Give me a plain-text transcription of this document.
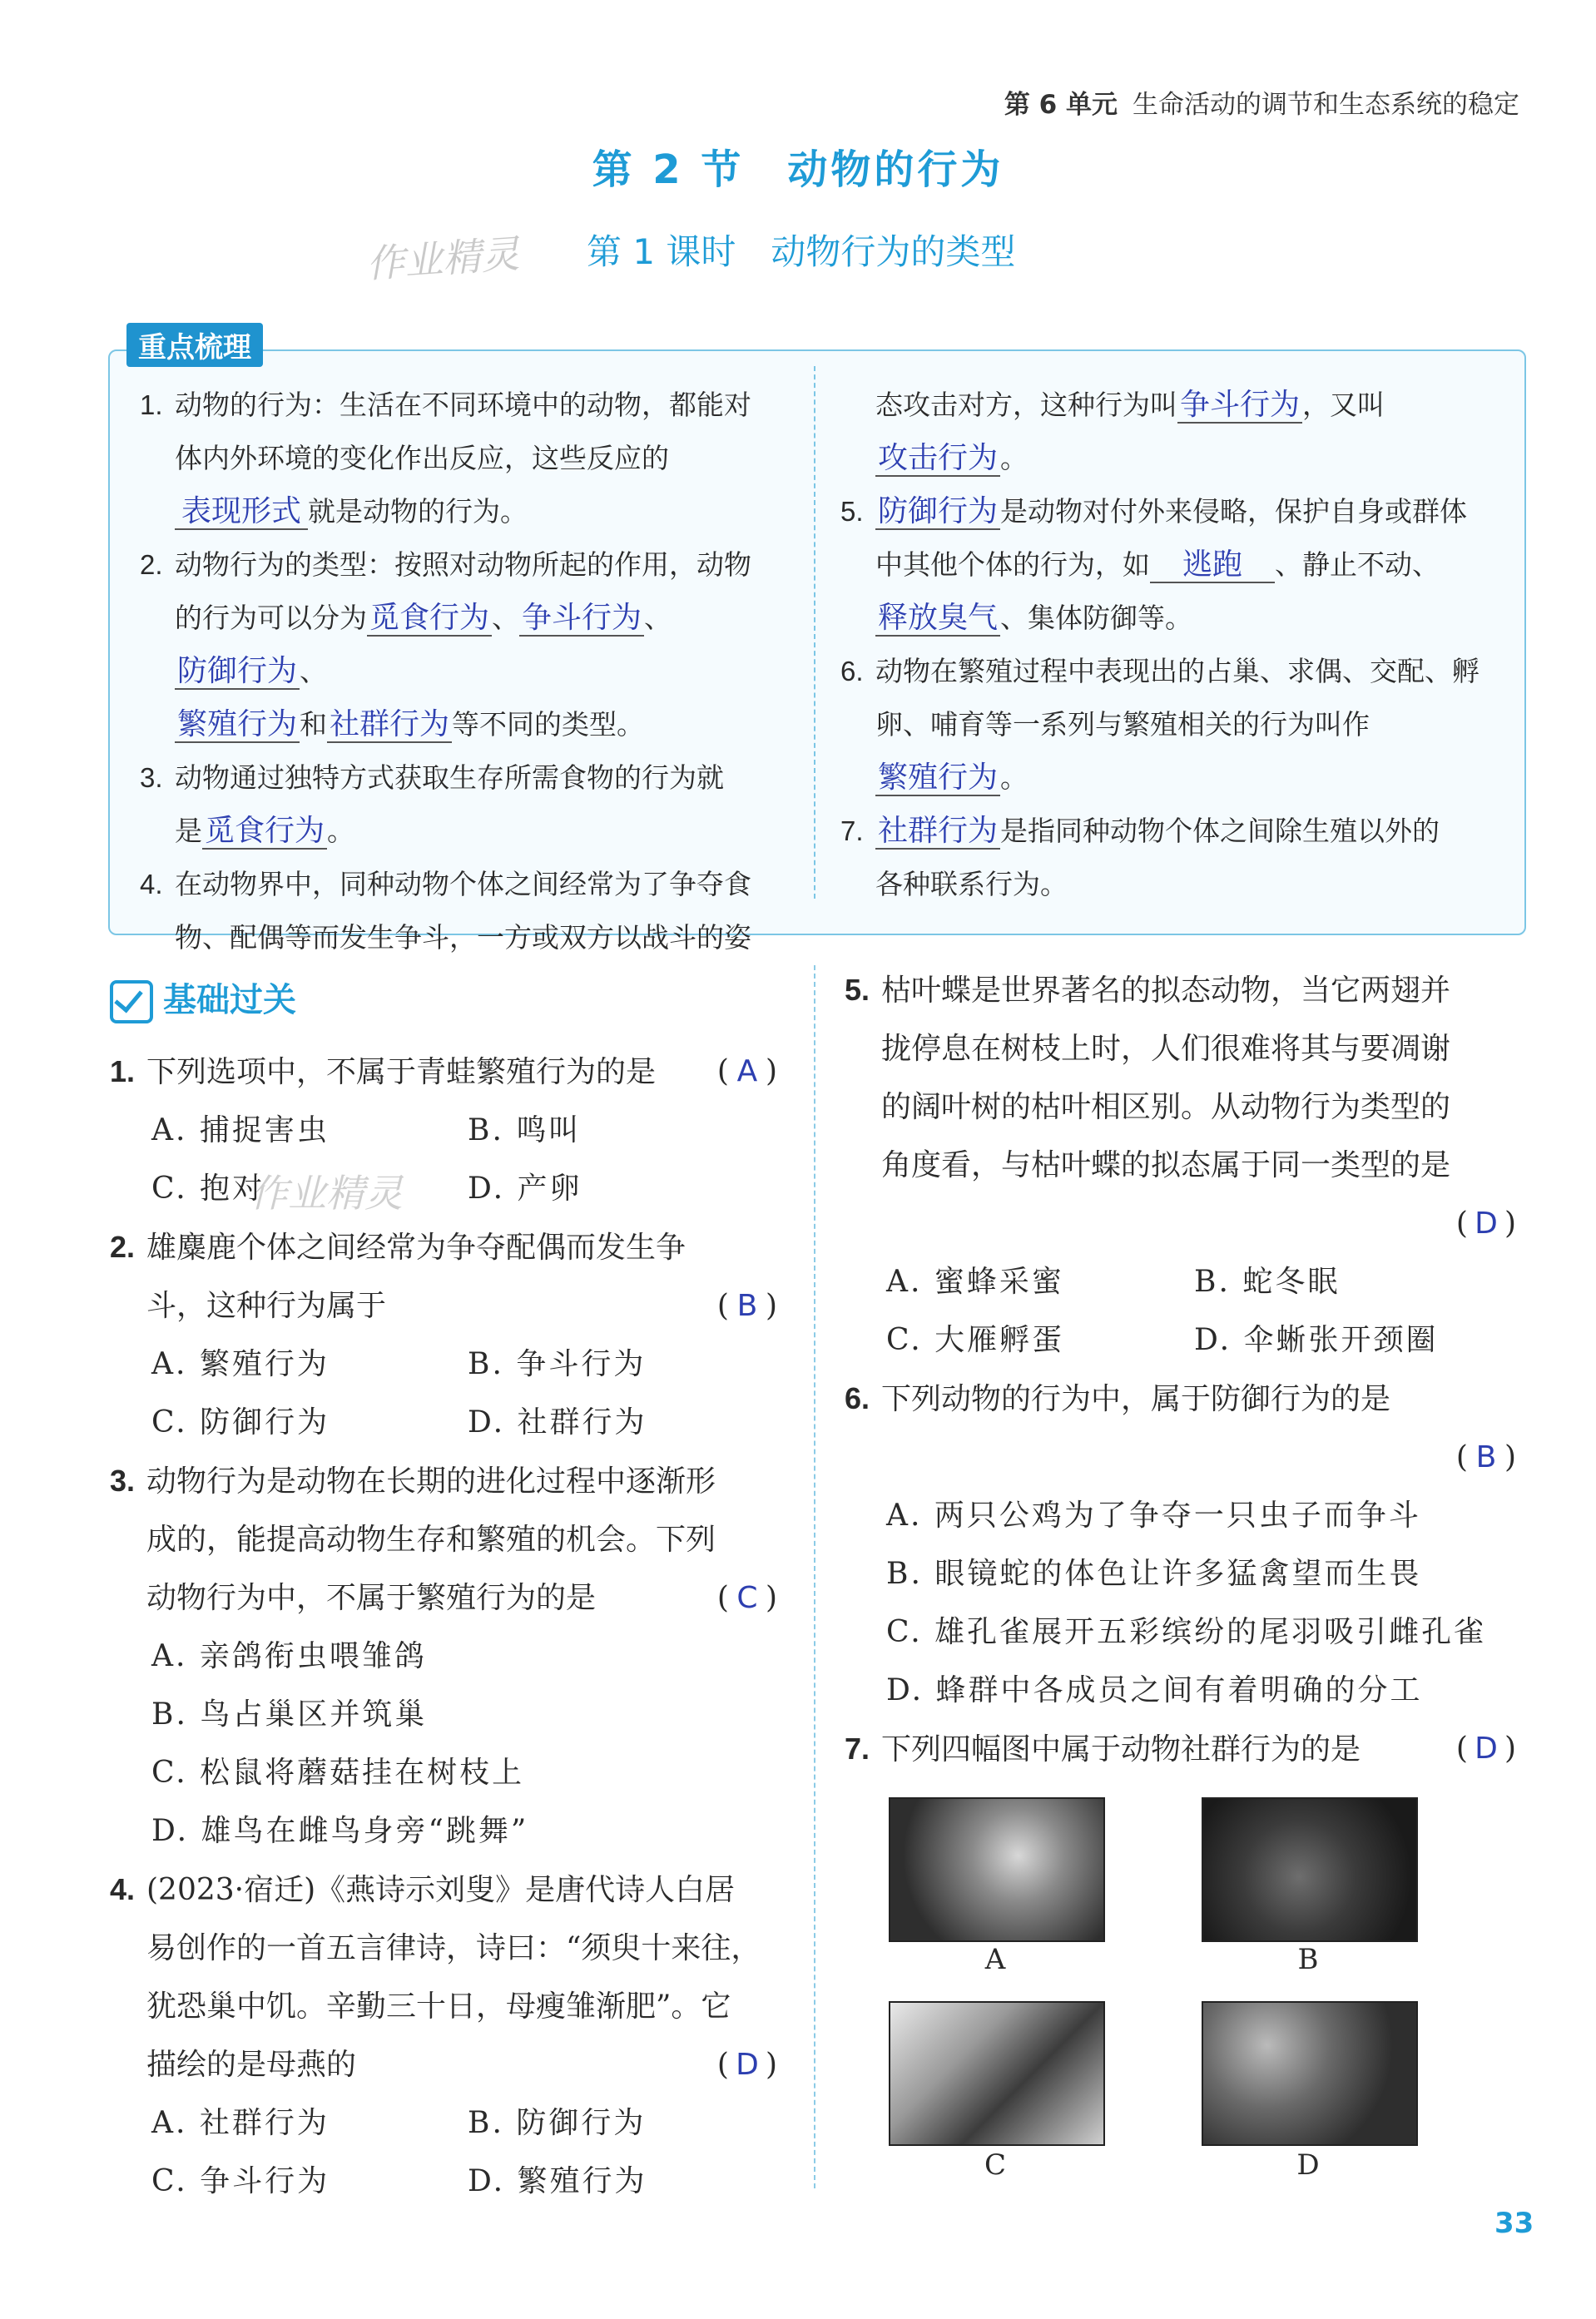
第 6 单元 生命活动的调节和生态系统的稳定
第 2 节　动物的行为
作业精灵 第 1 课时　动物行为的类型
重点梳理

1. 动物的行为：生活在不同环境中的动物，都能对

体内外环境的变化作出反应，这些反应的

表现形式 就是动物的行为。

2. 动物行为的类型：按照对动物所起的作用，动物

的行为可以分为觅食行为、争斗行为、防御行为、

繁殖行为和社群行为等不同的类型。

3. 动物通过独特方式获取生存所需食物的行为就

是觅食行为。

4. 在动物界中，同种动物个体之间经常为了争夺食

物、配偶等而发生争斗，一方或双方以战斗的姿

态攻击对方，这种行为叫争斗行为，又叫攻击行为。

5. 防御行为是动物对付外来侵略，保护自身或群体

中其他个体的行为，如 逃跑 、静止不动、

释放臭气、集体防御等。

6. 动物在繁殖过程中表现出的占巢、求偶、交配、孵

卵、哺育等一系列与繁殖相关的行为叫作

繁殖行为。

7. 社群行为是指同种动物个体之间除生殖以外的

各种联系行为。

基础过关
作业精灵

1. 下列选项中，不属于青蛙繁殖行为的是 ( A )

A. 捕捉害虫	B. 鸣叫

C. 抱对	D. 产卵

2. 雄麋鹿个体之间经常为争夺配偶而发生争

斗，这种行为属于	( B )

A. 繁殖行为	B. 争斗行为

C. 防御行为	D. 社群行为

3. 动物行为是动物在长期的进化过程中逐渐形

成的，能提高动物生存和繁殖的机会。下列

动物行为中，不属于繁殖行为的是	( C )

A. 亲鸽衔虫喂雏鸽

B. 鸟占巢区并筑巢

C. 松鼠将蘑菇挂在树枝上

D. 雄鸟在雌鸟身旁“跳舞”

4. (2023·宿迁)《燕诗示刘叟》是唐代诗人白居

易创作的一首五言律诗，诗曰：“须臾十来往，

犹恐巢中饥。辛勤三十日，母瘦雏渐肥”。它

描绘的是母燕的	( D )

A. 社群行为	B. 防御行为

C. 争斗行为	D. 繁殖行为

5. 枯叶蝶是世界著名的拟态动物，当它两翅并

拢停息在树枝上时，人们很难将其与要凋谢

的阔叶树的枯叶相区别。从动物行为类型的

角度看，与枯叶蝶的拟态属于同一类型的是

( D )

A. 蜜蜂采蜜	B. 蛇冬眠

C. 大雁孵蛋	D. 伞蜥张开颈圈

6. 下列动物的行为中，属于防御行为的是

( B )

A. 两只公鸡为了争夺一只虫子而争斗

B. 眼镜蛇的体色让许多猛禽望而生畏

C. 雄孔雀展开五彩缤纷的尾羽吸引雌孔雀

D. 蜂群中各成员之间有着明确的分工

7. 下列四幅图中属于动物社群行为的是	( D )

A	B
C	D
33
